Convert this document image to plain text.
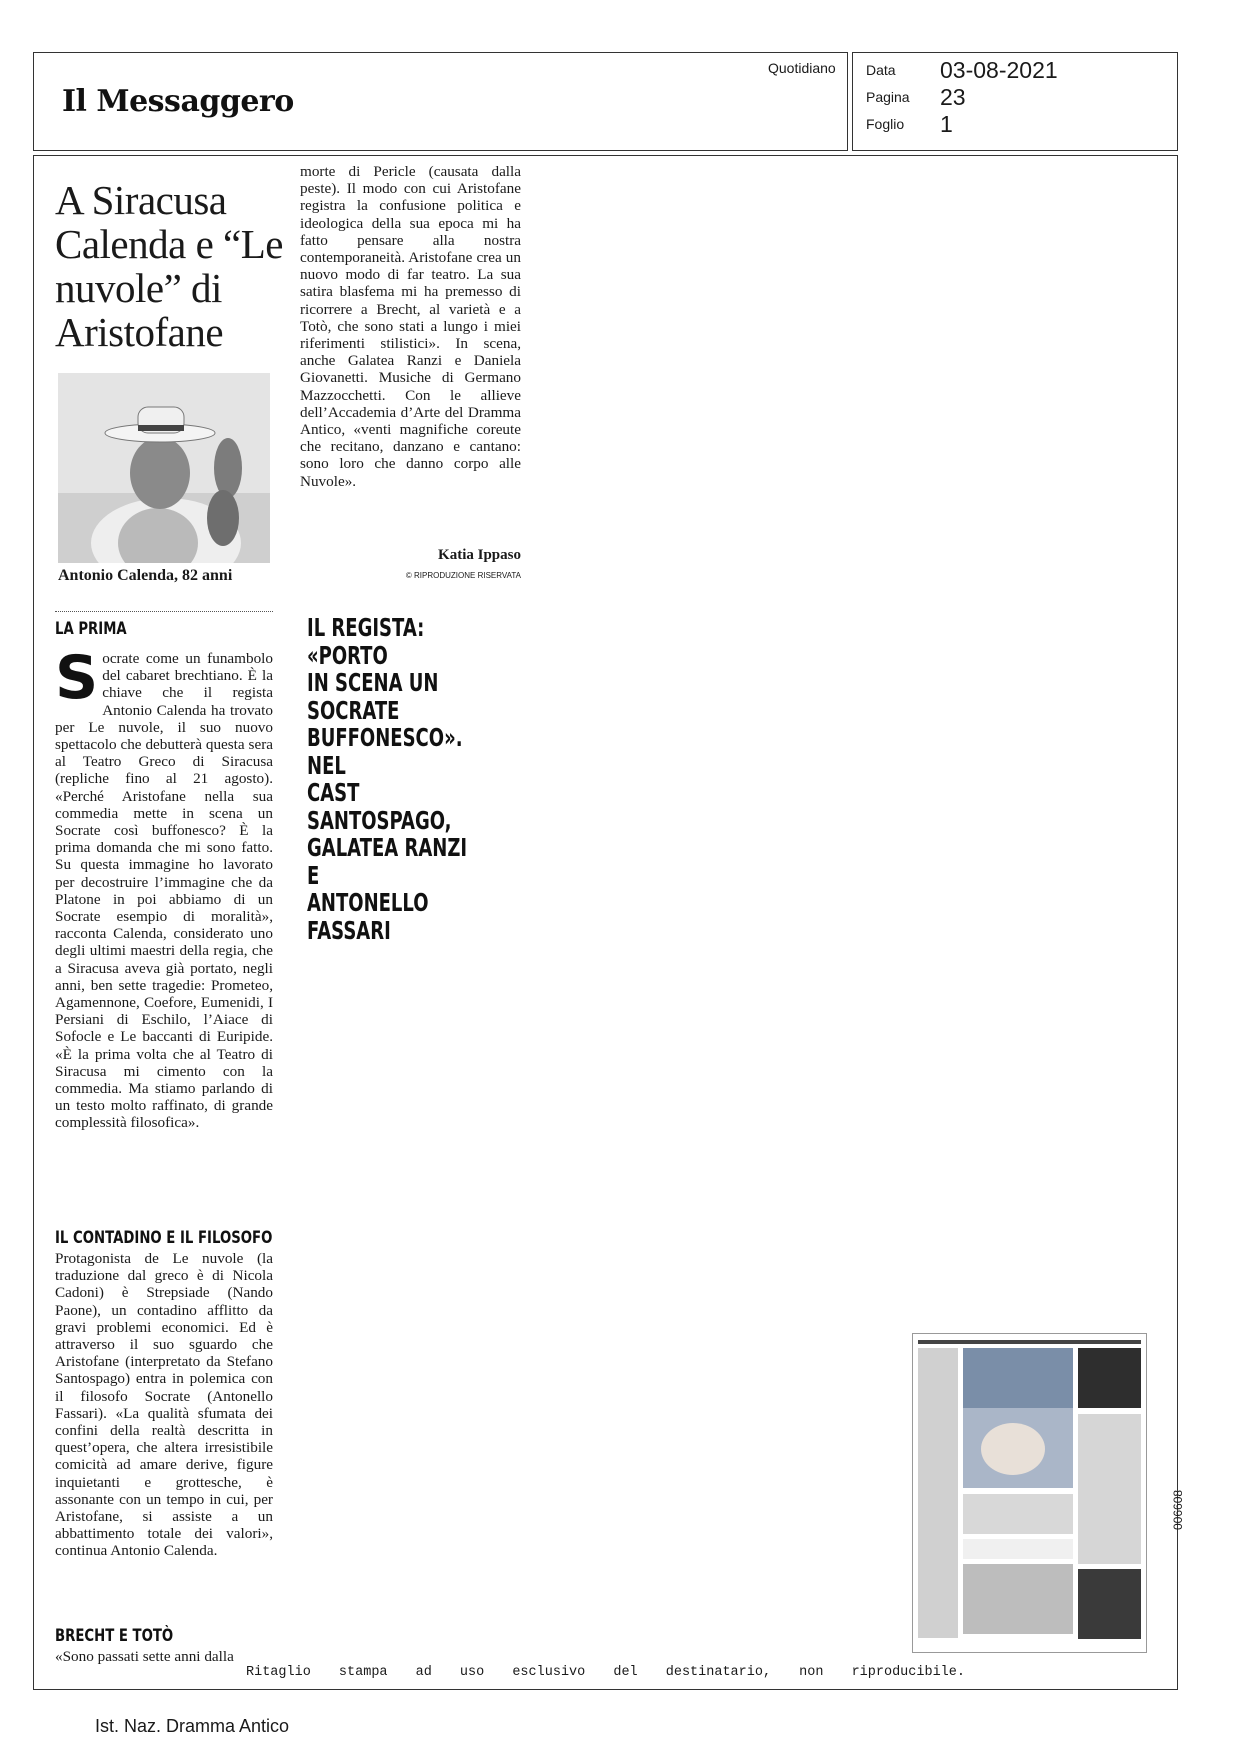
Il Messaggero
Quotidiano Data 03-08-2021
Pagina 23
Foglio 1
A Siracusa Calenda e “Le nuvole” di Aristofane
Antonio Calenda, 82 anni
LA PRIMA
Socrate come un funambolo del cabaret brechtiano. È la chiave che il regista Antonio Calenda ha trovato per Le nuvole, il suo nuovo spettacolo che debutterà questa sera al Teatro Greco di Siracusa (repliche fino al 21 agosto). «Perché Aristofane nella sua commedia mette in scena un Socrate così buffonesco? È la prima domanda che mi sono fatto. Su questa immagine ho lavorato per decostruire l’immagine che da Platone in poi abbiamo di un Socrate esempio di moralità», racconta Calenda, considerato uno degli ultimi maestri della regia, che a Siracusa aveva già portato, negli anni, ben sette tragedie: Prometeo, Agamennone, Coefore, Eumenidi, I Persiani di Eschilo, l’Aiace di Sofocle e Le baccanti di Euripide. «È la prima volta che al Teatro di Siracusa mi cimento con la commedia. Ma stiamo parlando di un testo molto raffinato, di grande complessità filosofica».
IL CONTADINO E IL FILOSOFO
Protagonista de Le nuvole (la traduzione dal greco è di Nicola Cadoni) è Strepsiade (Nando Paone), un contadino afflitto da gravi problemi economici. Ed è attraverso il suo sguardo che Aristofane (interpretato da Stefano Santospago) entra in polemica con il filosofo Socrate (Antonello Fassari). «La qualità sfumata dei confini della realtà descritta in quest’opera, che altera irresistibile comicità ad amare derive, figure inquietanti e grottesche, è assonante con un tempo in cui, per Aristofane, si assiste a un abbattimento totale dei valori», continua Antonio Calenda.
BRECHT E TOTÒ
«Sono passati sette anni dalla
morte di Pericle (causata dalla peste). Il modo con cui Aristofane registra la confusione politica e ideologica della sua epoca mi ha fatto pensare alla nostra contemporaneità. Aristofane crea un nuovo modo di far teatro. La sua satira blasfema mi ha premesso di ricorrere a Brecht, al varietà e a Totò, che sono stati a lungo i miei riferimenti stilistici». In scena, anche Galatea Ranzi e Daniela Giovanetti. Musiche di Germano Mazzocchetti. Con le allieve dell’Accademia d’Arte del Dramma Antico, «venti magnifiche coreute che recitano, danzano e cantano: sono loro che danno corpo alle Nuvole».
Katia Ippaso
© RIPRODUZIONE RISERVATA
IL REGISTA: «PORTO
IN SCENA UN SOCRATE
BUFFONESCO». NEL
CAST SANTOSPAGO,
GALATEA RANZI E
ANTONELLO FASSARI
006608
Ritaglio stampa ad uso esclusivo del destinatario, non riproducibile.
Ist. Naz. Dramma Antico
